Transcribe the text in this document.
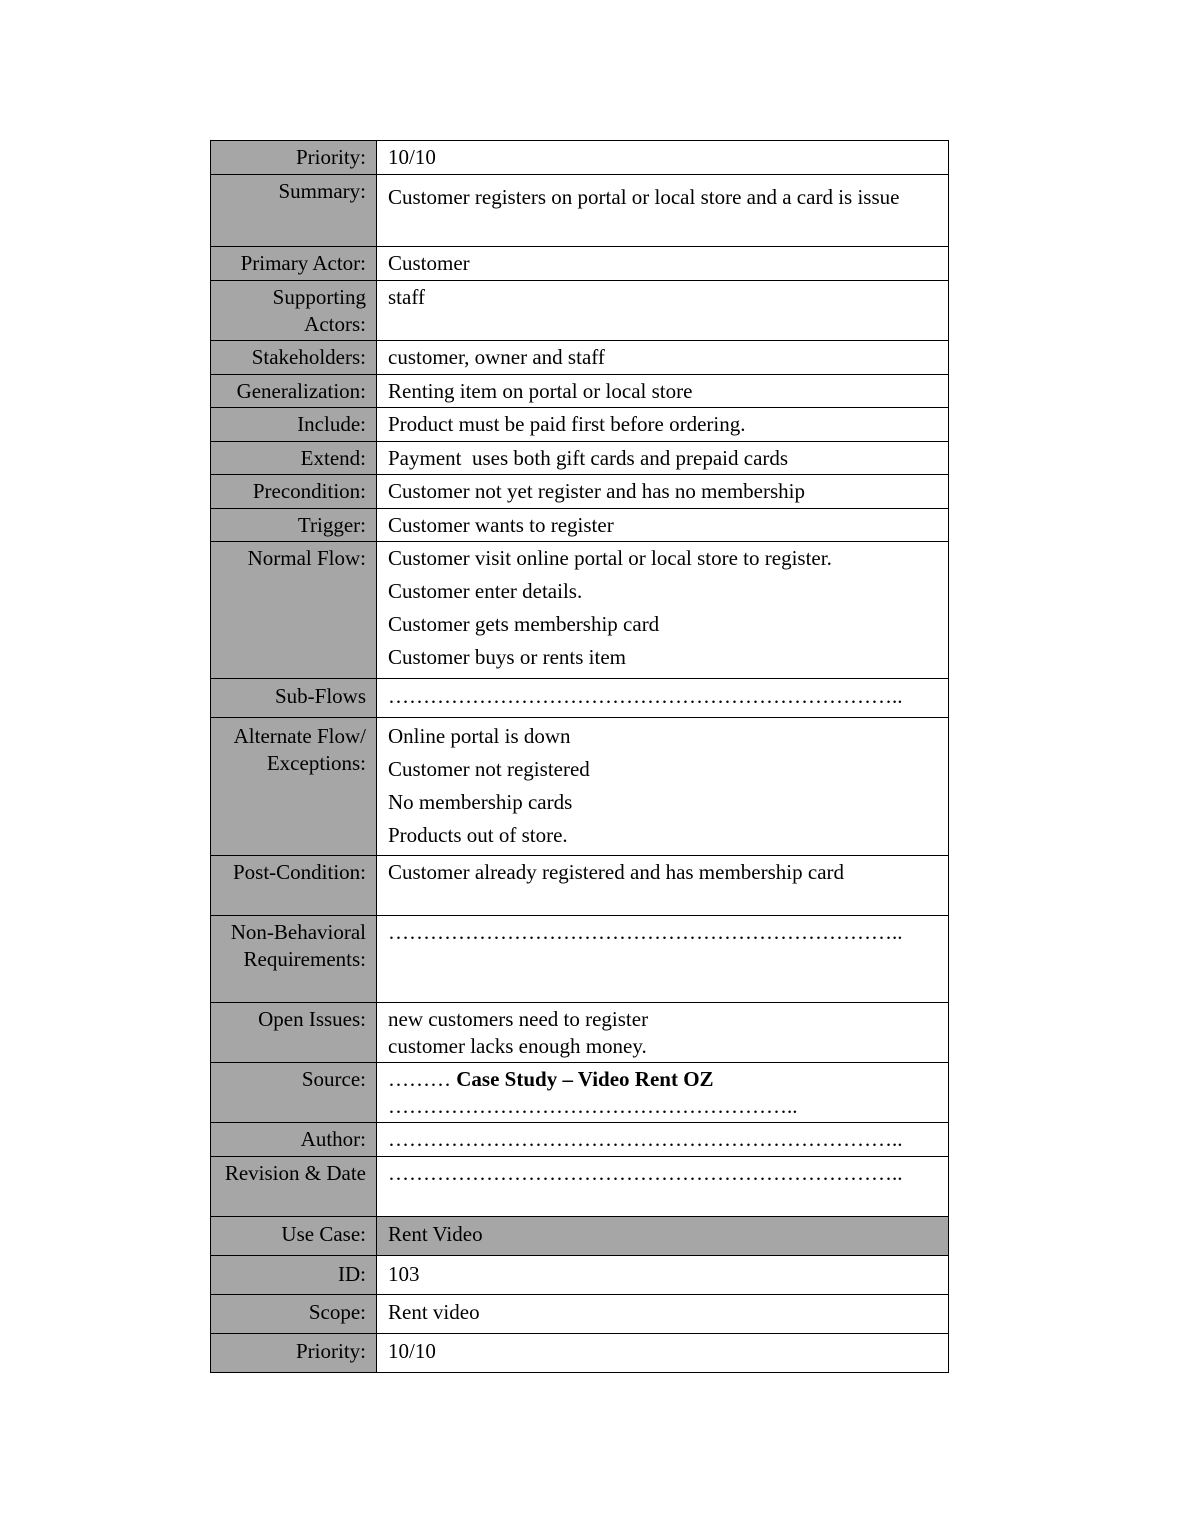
Priority:	10/10
Summary:	Customer registers on portal or local store and a card is issue
Primary Actor:	Customer
Supporting Actors:	staff
Stakeholders:	customer, owner and staff
Generalization:	Renting item on portal or local store
Include:	Product must be paid first before ordering.
Extend:	Payment  uses both gift cards and prepaid cards
Precondition:	Customer not yet register and has no membership
Trigger:	Customer wants to register
Normal Flow:	Customer visit online portal or local store to register.
Customer enter details.
Customer gets membership card
Customer buys or rents item

Sub-Flows	………………………………………………………………..
Alternate Flow/ Exceptions:	Online portal is down
Customer not registered
No membership cards
Products out of store.

Post-Condition:	Customer already registered and has membership card
Non-Behavioral Requirements:	………………………………………………………………..
Open Issues:	new customers need to register
customer lacks enough money.

Source:	……… Case Study – Video Rent OZ
…………………………………………………..

Author:	………………………………………………………………..
Revision & Date	………………………………………………………………..
Use Case:	Rent Video
ID:	103
Scope:	Rent video
Priority:	10/10
